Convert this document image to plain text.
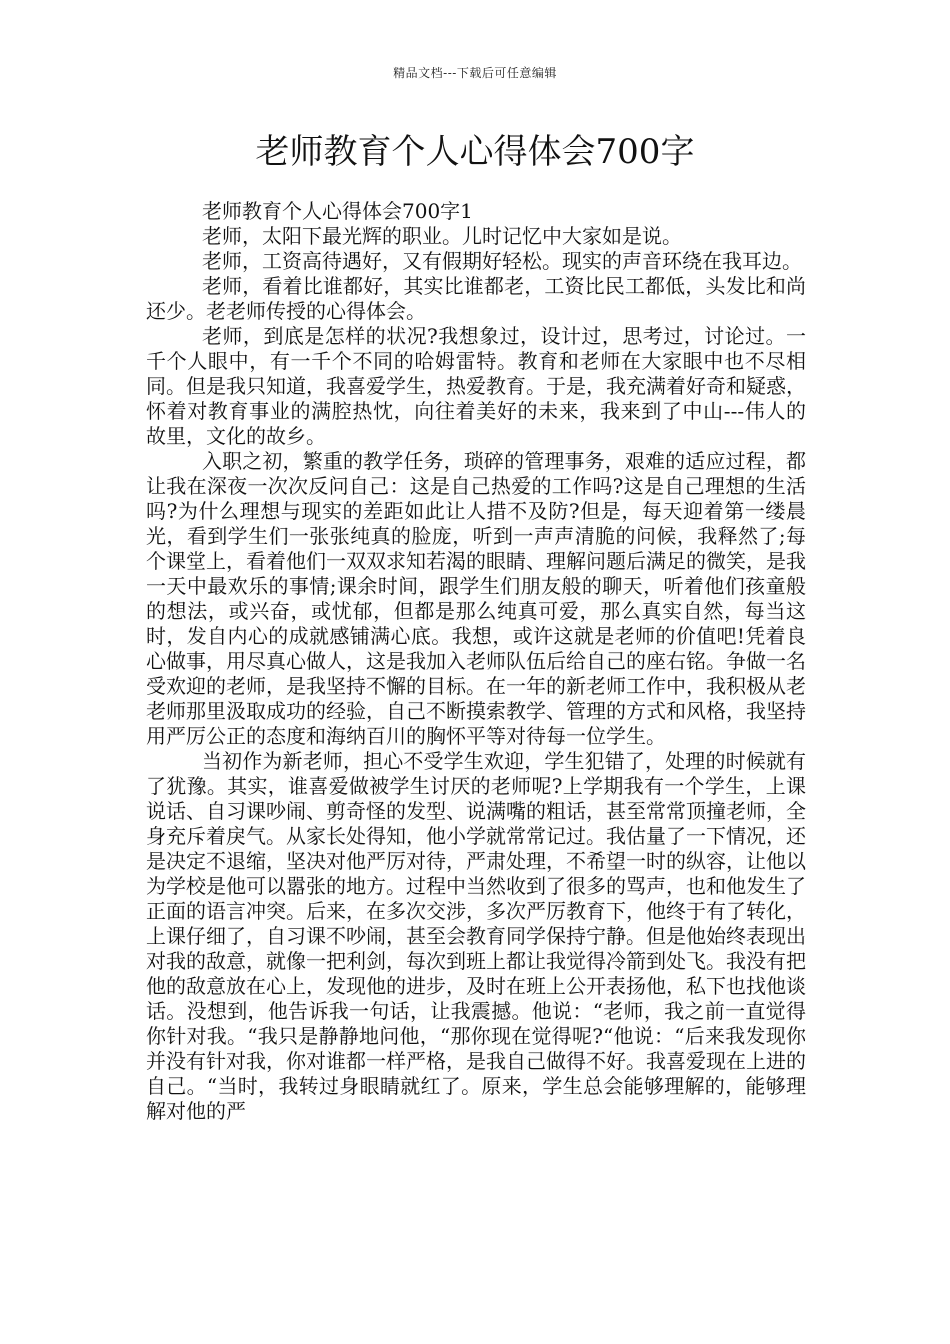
精品文档---下载后可任意编辑
老师教育个人心得体会700字

老师教育个人心得体会700字1

老师，太阳下最光辉的职业。儿时记忆中大家如是说。

老师，工资高待遇好，又有假期好轻松。现实的声音环绕在我耳边。

老师，看着比谁都好，其实比谁都老，工资比民工都低，头发比和尚还少。老老师传授的心得体会。

老师，到底是怎样的状况?我想象过，设计过，思考过，讨论过。一千个人眼中，有一千个不同的哈姆雷特。教育和老师在大家眼中也不尽相同。但是我只知道，我喜爱学生，热爱教育。于是，我充满着好奇和疑惑，怀着对教育事业的满腔热忱，向往着美好的未来，我来到了中山---伟人的故里，文化的故乡。

入职之初，繁重的教学任务，琐碎的管理事务，艰难的适应过程，都让我在深夜一次次反问自己：这是自己热爱的工作吗?这是自己理想的生活吗?为什么理想与现实的差距如此让人措不及防?但是，每天迎着第一缕晨光，看到学生们一张张纯真的脸庞，听到一声声清脆的问候，我释然了;每个课堂上，看着他们一双双求知若渴的眼睛、理解问题后满足的微笑，是我一天中最欢乐的事情;课余时间，跟学生们朋友般的聊天，听着他们孩童般的想法，或兴奋，或忧郁，但都是那么纯真可爱，那么真实自然，每当这时，发自内心的成就感铺满心底。我想，或许这就是老师的价值吧!凭着良心做事，用尽真心做人，这是我加入老师队伍后给自己的座右铭。争做一名受欢迎的老师，是我坚持不懈的目标。在一年的新老师工作中，我积极从老老师那里汲取成功的经验，自己不断摸索教学、管理的方式和风格，我坚持用严厉公正的态度和海纳百川的胸怀平等对待每一位学生。

当初作为新老师，担心不受学生欢迎，学生犯错了，处理的时候就有了犹豫。其实，谁喜爱做被学生讨厌的老师呢?上学期我有一个学生，上课说话、自习课吵闹、剪奇怪的发型、说满嘴的粗话，甚至常常顶撞老师，全身充斥着戾气。从家长处得知，他小学就常常记过。我估量了一下情况，还是决定不退缩，坚决对他严厉对待，严肃处理，不希望一时的纵容，让他以为学校是他可以嚣张的地方。过程中当然收到了很多的骂声，也和他发生了正面的语言冲突。后来，在多次交涉，多次严厉教育下，他终于有了转化，上课仔细了，自习课不吵闹，甚至会教育同学保持宁静。但是他始终表现出对我的敌意，就像一把利剑，每次到班上都让我觉得冷箭到处飞。我没有把他的敌意放在心上，发现他的进步，及时在班上公开表扬他，私下也找他谈话。没想到，他告诉我一句话，让我震撼。他说：“老师，我之前一直觉得你针对我。“我只是静静地问他，“那你现在觉得呢?“他说：“后来我发现你并没有针对我，你对谁都一样严格，是我自己做得不好。我喜爱现在上进的自己。“当时，我转过身眼睛就红了。原来，学生总会能够理解的，能够理解对他的严
